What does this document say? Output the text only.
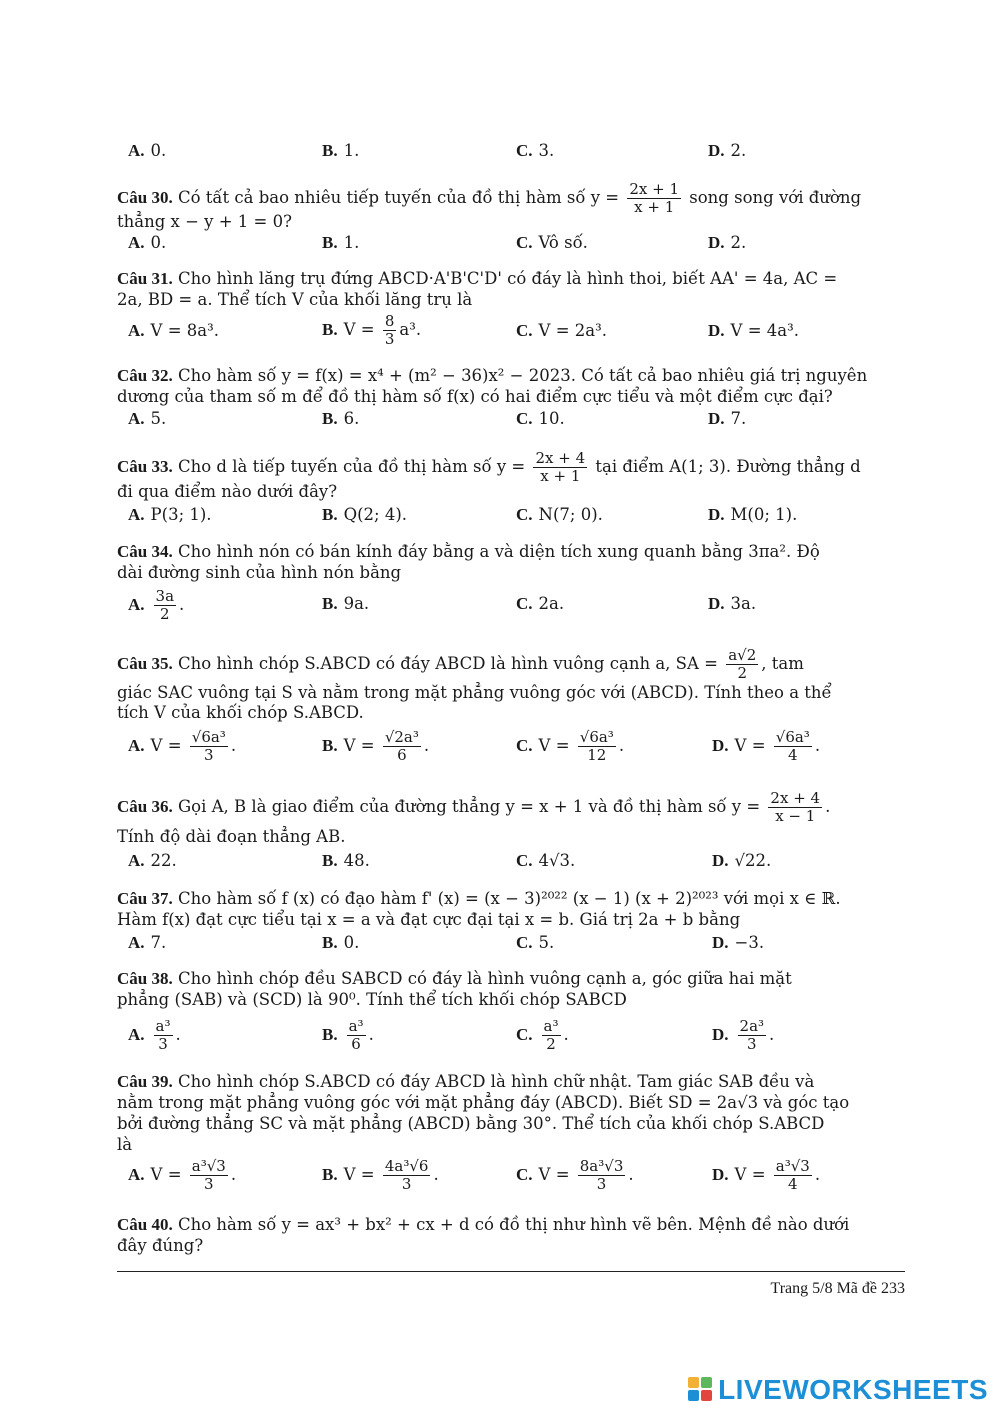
A. 0.	B. 1.	C. 3.	D. 2.
Câu 30. Có tất cả bao nhiêu tiếp tuyến của đồ thị hàm số $y = \frac{2x + 1}{x + 1}$ song song với đường
thẳng x − y + 1 = 0?
A. 0.	B. 1.	C. Vô số.	D. 2.
Câu 31. Cho hình lăng trụ đứng ABCD·A'B'C'D' có đáy là hình thoi, biết AA' = 4a, AC =
2a, BD = a. Thể tích V của khối lăng trụ là
A. V = 8a³.	B. $V = \frac{8}{3} a^3$.	C. V = 2a³.	D. V = 4a³.
Câu 32. Cho hàm số y = f(x) = x⁴ + (m² − 36)x² − 2023. Có tất cả bao nhiêu giá trị nguyên
dương của tham số m để đồ thị hàm số f(x) có hai điểm cực tiểu và một điểm cực đại?
A. 5.	B. 6.	C. 10.	D. 7.
Câu 33. Cho d là tiếp tuyến của đồ thị hàm số $y = \frac{2x + 4}{x + 1}$ tại điểm A(1; 3). Đường thẳng d
đi qua điểm nào dưới đây?
A. P(3; 1).	B. Q(2; 4).	C. N(7; 0).	D. M(0; 1).
Câu 34. Cho hình nón có bán kính đáy bằng a và diện tích xung quanh bằng 3πa². Độ
dài đường sinh của hình nón bằng
A. $\frac{3a}{2}$ .	B. 9a.	C. 2a.	D. 3a.
Câu 35. Cho hình chóp S.ABCD có đáy ABCD là hình vuông cạnh a, SA = $\frac{a√2}{2}$ , tam
giác SAC vuông tại S và nằm trong mặt phẳng vuông góc với (ABCD). Tính theo a thể
tích V của khối chóp S.ABCD.
A. $V = \frac{\text{√6a³}}{3}$ .	B. $V = \frac{\text{√2a³}}{6}$ .	C. $V = \frac{\text{√6a³}}{12}$ .	D. $V = \frac{\text{√6a³}}{4}$ .
Câu 36. Gọi A, B là giao điểm của đường thẳng y = x + 1 và đồ thị hàm số $y = \frac{2x + 4}{x - 1}$ .
Tính độ dài đoạn thẳng AB.
A. 22.	B. 48.	C. 4√3.	D. √22.
Câu 37. Cho hàm số f (x) có đạo hàm f' (x) = (x − 3)²⁰²² (x − 1) (x + 2)²⁰²³ với mọi x ∈ ℝ.
Hàm f(x) đạt cực tiểu tại x = a và đạt cực đại tại x = b. Giá trị 2a + b bằng
A. 7.	B. 0.	C. 5.	D. −3.
Câu 38. Cho hình chóp đều SABCD có đáy là hình vuông cạnh a, góc giữa hai mặt
phẳng (SAB) và (SCD) là 90⁰. Tính thể tích khối chóp SABCD
A. $\frac{\text{a³}}{3}$ .	B. $\frac{\text{a³}}{6}$ .	C. $\frac{\text{a³}}{2}$ .	D. $\frac{\text{2a³}}{3}$ .
Câu 39. Cho hình chóp S.ABCD có đáy ABCD là hình chữ nhật. Tam giác SAB đều và
nằm trong mặt phẳng vuông góc với mặt phẳng đáy (ABCD). Biết SD = 2a√3 và góc tạo
bởi đường thẳng SC và mặt phẳng (ABCD) bằng 30°. Thể tích của khối chóp S.ABCD
là
A. $V = \frac{\text{a³√3}}{3}$ .	B. $V = \frac{\text{4a³√6}}{3}$ .	C. $V = \frac{\text{8a³√3}}{3}$ .	D. $V = \frac{\text{a³√3}}{4}$ .
Câu 40. Cho hàm số y = ax³ + bx² + cx + d có đồ thị như hình vẽ bên. Mệnh đề nào dưới
đây đúng?
Trang 5/8 Mã đề 233
LIVEWORKSHEETS
